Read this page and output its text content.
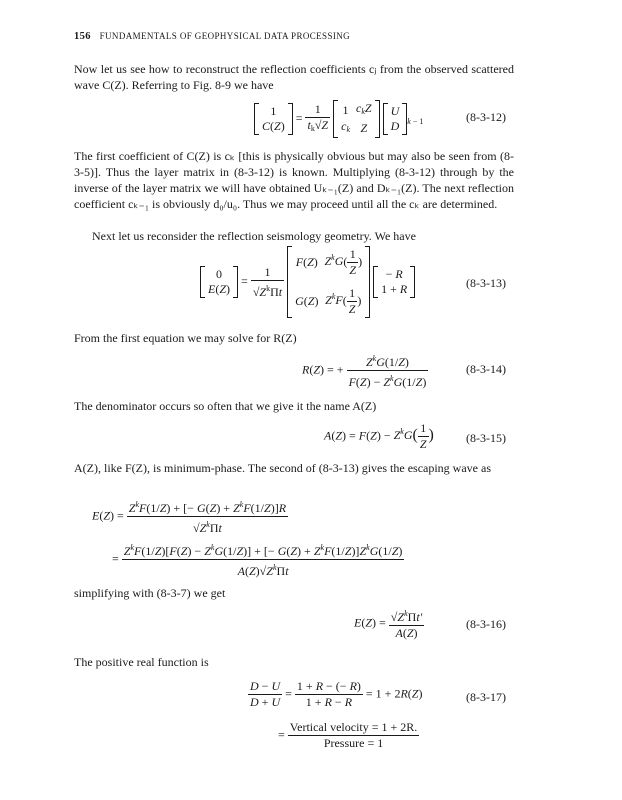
156 FUNDAMENTALS OF GEOPHYSICAL DATA PROCESSING
Now let us see how to reconstruct the reflection coefficients cⱼ from the observed scattered wave C(Z). Referring to Fig. 8-9 we have
1
C(Z)
= $\frac{1}{t_k√Z}$
1	$c_kZ$
$c_k$	Z

U
D $_{k - 1}$	(8-3-12)
The first coefficient of C(Z) is cₖ [this is physically obvious but may also be seen from (8-3-5)]. Thus the layer matrix in (8-3-12) is known. Multiplying (8-3-12) through by the inverse of the layer matrix we will have obtained Uₖ₋₁(Z) and Dₖ₋₁(Z). The next reflection coefficient cₖ₋₁ is obviously d₀/u₀. Thus we may proceed until all the cₖ are determined.
Next let us reconsider the reflection seismology geometry. We have
0
E(Z)
= $\frac{1}{√Z^k\Pi t}$

F(Z)	$Z^kG( \frac{1}{Z}$ )

G(Z)	$Z^kF( \frac{1}{Z}$ )

− R
1 + R	(8-3-13)
From the first equation we may solve for R(Z)
R(Z) = + $\frac{Z^kG(1/Z)}{F(Z) - Z^kG(1/Z)}$	(8-3-14)
The denominator occurs so often that we give it the name A(Z)
$A(Z) = F(Z) - Z^kG( \frac{1}{Z}$ )	(8-3-15)
A(Z), like F(Z), is minimum-phase. The second of (8-3-13) gives the escaping wave as
$E(Z) = \frac{Z^kF(1/Z) + [- G(Z) + Z^kF(1/Z)]R}{√Z^k\Pi t}$
= $\frac{Z^kF(1/Z)[F(Z) - Z^kG(1/Z)] + [- G(Z) + Z^kF(1/Z)]Z^kG(1/Z)}{A(Z)√Z^k\Pi t}$
simplifying with (8-3-7) we get
$E(Z) = \frac{√Z^k\Pi t'}{A(Z)}$	(8-3-16)
The positive real function is
$\frac{D - U}{D + U} = \frac{1 + R - (- R)}{1 + R - R} = 1 + 2R(Z)$	(8-3-17)
= $\frac{\text{Vertical velocity = 1 + 2R.}}{\text{Pressure = 1}}$
